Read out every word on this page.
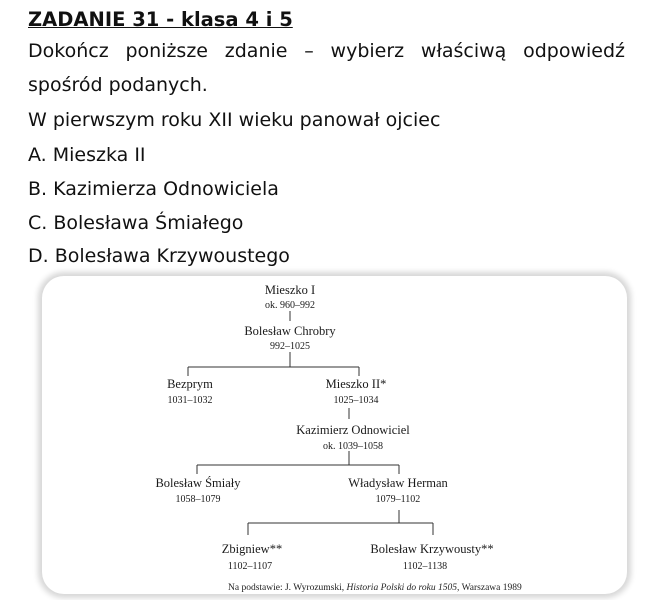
ZADANIE 31 - klasa 4 i 5

Dokończ poniższe zdanie – wybierz właściwą odpowiedź

spośród podanych.

W pierwszym roku XII wieku panował ojciec

A. Mieszka II

B. Kazimierza Odnowiciela

C. Bolesława Śmiałego

D. Bolesława Krzywoustego

Mieszko I
ok. 960–992
Bolesław Chrobry
992–1025
Bezprym
1031–1032
Mieszko II*
1025–1034
Kazimierz Odnowiciel
ok. 1039–1058
Bolesław Śmiały
1058–1079
Władysław Herman
1079–1102
Zbigniew**
1102–1107
Bolesław Krzywousty**
1102–1138
Na podstawie: J. Wyrozumski, Historia Polski do roku 1505, Warszawa 1989
